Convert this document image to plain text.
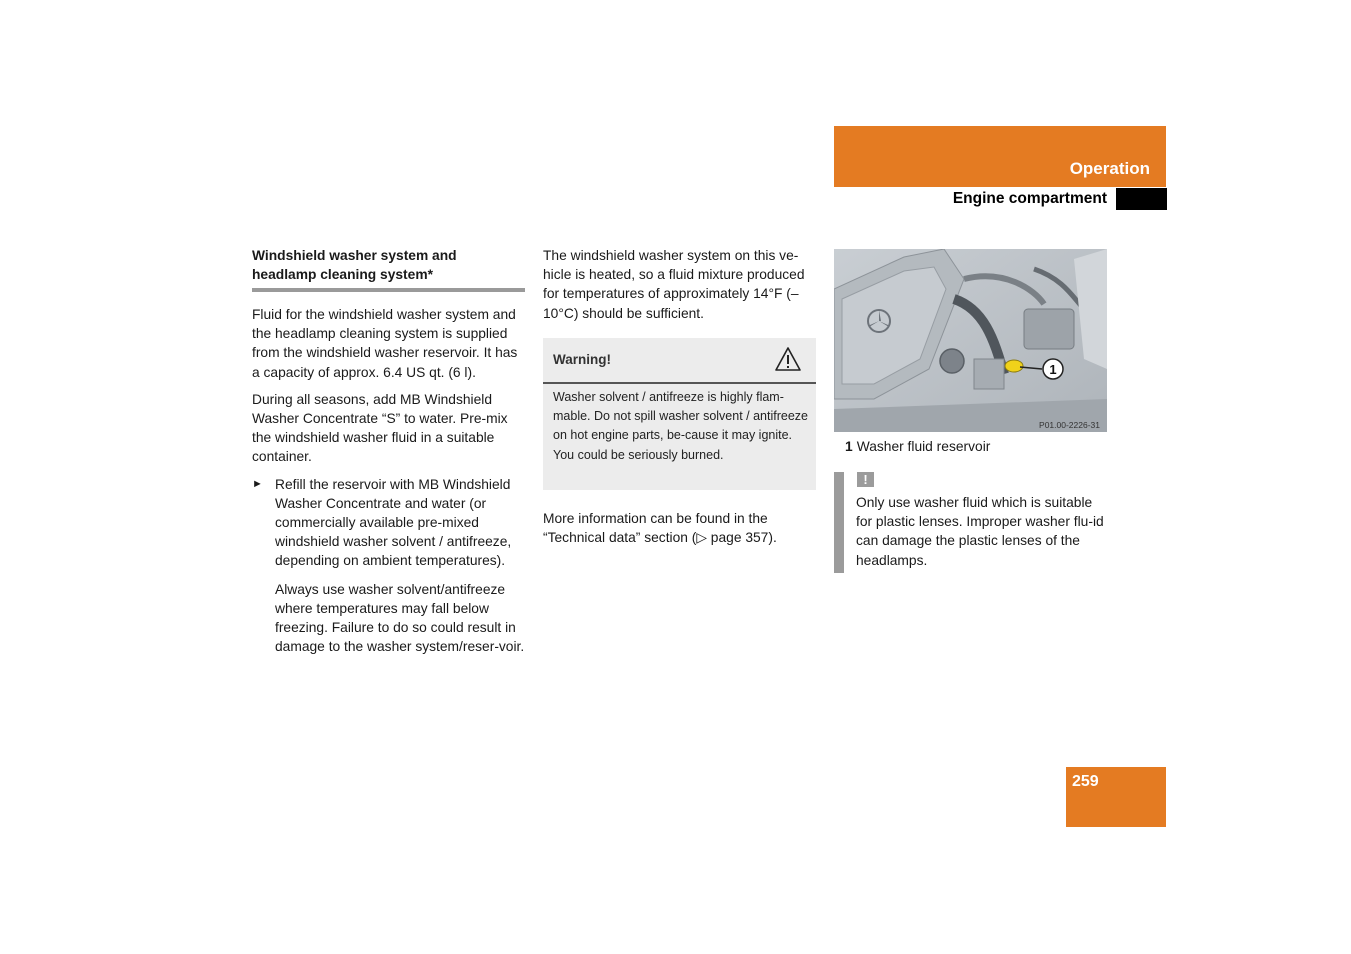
Operation
Engine compartment
Windshield washer system and
headlamp cleaning system*

Fluid for the windshield washer system and the headlamp cleaning system is supplied from the windshield washer reservoir. It has a capacity of approx. 6.4 US qt. (6 l).

During all seasons, add MB Windshield Washer Concentrate “S” to water. Pre-mix the windshield washer fluid in a suitable container.

► Refill the reservoir with MB Windshield Washer Concentrate and water (or commercially available pre-mixed windshield washer solvent / antifreeze, depending on ambient temperatures).

Always use washer solvent/antifreeze where temperatures may fall below freezing. Failure to do so could result in damage to the washer system/reser-voir.

The windshield washer system on this ve-hicle is heated, so a fluid mixture produced for temperatures of approximately 14°F (–10°C) should be sufficient.

Warning!
Washer solvent / antifreeze is highly flam-mable. Do not spill washer solvent / antifreeze on hot engine parts, be-cause it may ignite. You could be seriously burned.
More information can be found in the “Technical data” section (▷ page 357).
1
P01.00-2226-31
1 Washer fluid reservoir
!
Only use washer fluid which is suitable for plastic lenses. Improper washer flu-id can damage the plastic lenses of the headlamps.
259
